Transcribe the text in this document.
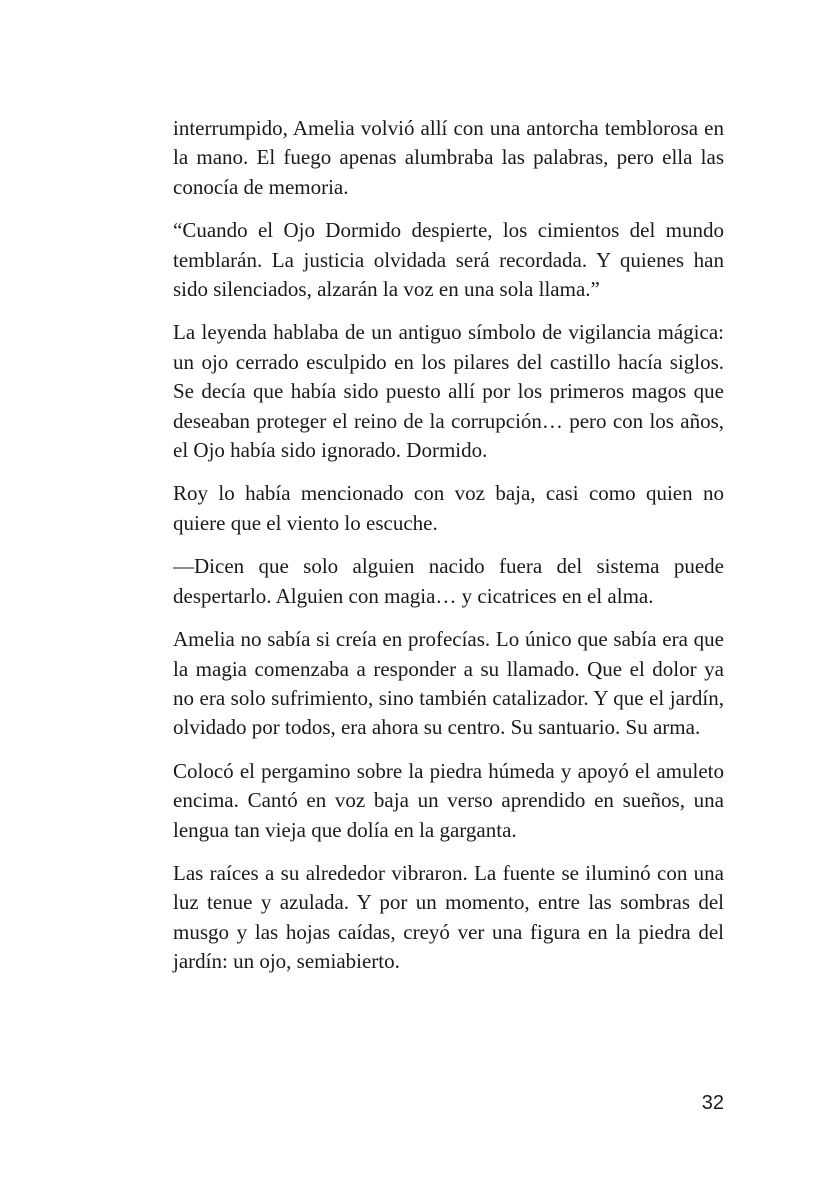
interrumpido, Amelia volvió allí con una antorcha temblorosa en la mano. El fuego apenas alumbraba las palabras, pero ella las conocía de memoria.

“Cuando el Ojo Dormido despierte, los cimientos del mundo temblarán. La justicia olvidada será recordada. Y quienes han sido silenciados, alzarán la voz en una sola llama.”

La leyenda hablaba de un antiguo símbolo de vigilancia mágica: un ojo cerrado esculpido en los pilares del castillo hacía siglos. Se decía que había sido puesto allí por los primeros magos que deseaban proteger el reino de la corrupción… pero con los años, el Ojo había sido ignorado. Dormido.

Roy lo había mencionado con voz baja, casi como quien no quiere que el viento lo escuche.

—Dicen que solo alguien nacido fuera del sistema puede despertarlo. Alguien con magia… y cicatrices en el alma.

Amelia no sabía si creía en profecías. Lo único que sabía era que la magia comenzaba a responder a su llamado. Que el dolor ya no era solo sufrimiento, sino también catalizador. Y que el jardín, olvidado por todos, era ahora su centro. Su santuario. Su arma.

Colocó el pergamino sobre la piedra húmeda y apoyó el amuleto encima. Cantó en voz baja un verso aprendido en sueños, una lengua tan vieja que dolía en la garganta.

Las raíces a su alrededor vibraron. La fuente se iluminó con una luz tenue y azulada. Y por un momento, entre las sombras del musgo y las hojas caídas, creyó ver una figura en la piedra del jardín: un ojo, semiabierto.

32
